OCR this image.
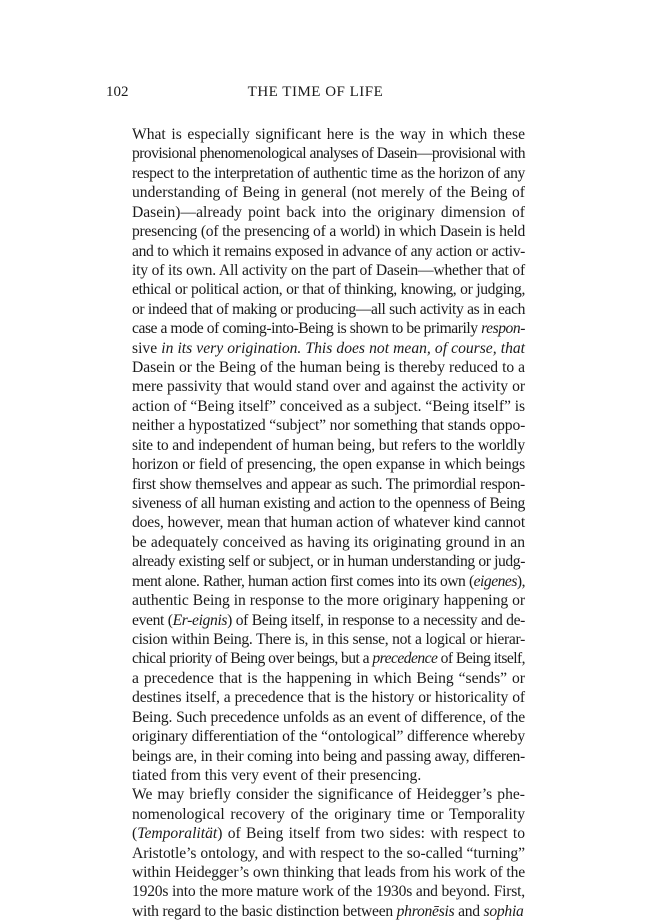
102	THE TIME OF LIFE

What is especially significant here is the way in which these
provisional phenomenological analyses of Dasein—provisional with
respect to the interpretation of authentic time as the horizon of any
understanding of Being in general (not merely of the Being of
Dasein)—already point back into the originary dimension of
presencing (of the presencing of a world) in which Dasein is held
and to which it remains exposed in advance of any action or activ-
ity of its own. All activity on the part of Dasein—whether that of
ethical or political action, or that of thinking, knowing, or judging,
or indeed that of making or producing—all such activity as in each
case a mode of coming-into-Being is shown to be primarily respon-
sive in its very origination. This does not mean, of course, that
Dasein or the Being of the human being is thereby reduced to a
mere passivity that would stand over and against the activity or
action of “Being itself” conceived as a subject. “Being itself” is
neither a hypostatized “subject” nor something that stands oppo-
site to and independent of human being, but refers to the worldly
horizon or field of presencing, the open expanse in which beings
first show themselves and appear as such. The primordial respon-
siveness of all human existing and action to the openness of Being
does, however, mean that human action of whatever kind cannot
be adequately conceived as having its originating ground in an
already existing self or subject, or in human understanding or judg-
ment alone. Rather, human action first comes into its own (eigenes),
authentic Being in response to the more originary happening or
event (Er-eignis) of Being itself, in response to a necessity and de-
cision within Being. There is, in this sense, not a logical or hierar-
chical priority of Being over beings, but a precedence of Being itself,
a precedence that is the happening in which Being “sends” or
destines itself, a precedence that is the history or historicality of
Being. Such precedence unfolds as an event of difference, of the
originary differentiation of the “ontological” difference whereby
beings are, in their coming into being and passing away, differen-
tiated from this very event of their presencing.

We may briefly consider the significance of Heidegger’s phe-
nomenological recovery of the originary time or Temporality
(Temporalität) of Being itself from two sides: with respect to
Aristotle’s ontology, and with respect to the so-called “turning”
within Heidegger’s own thinking that leads from his work of the
1920s into the more mature work of the 1930s and beyond. First,
with regard to the basic distinction between phronēsis and sophia
